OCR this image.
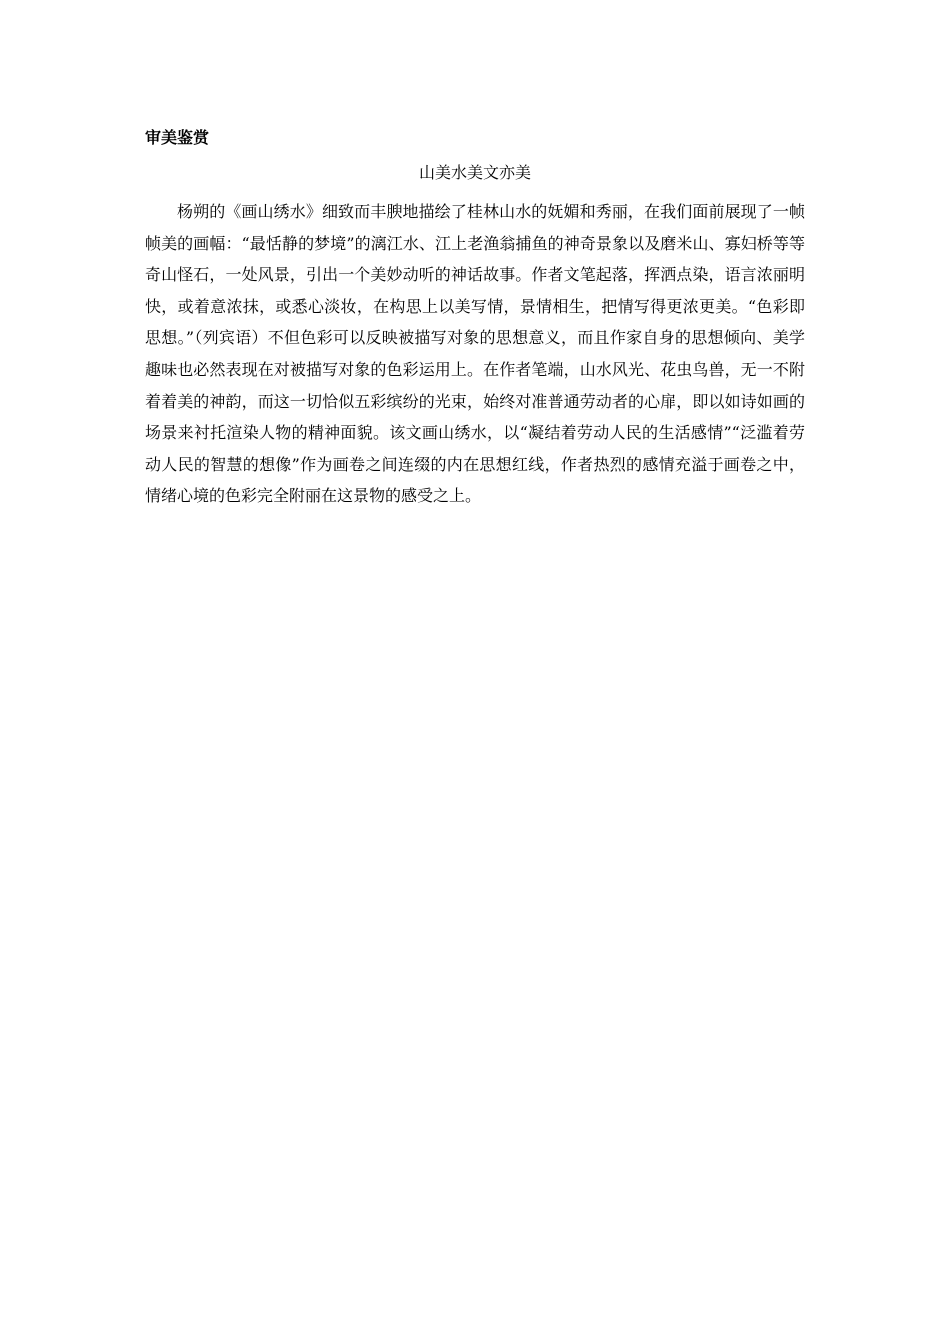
审美鉴赏
山美水美文亦美

杨朔的《画山绣水》细致而丰腴地描绘了桂林山水的妩媚和秀丽，在我们面前展现了一帧帧美的画幅：“最恬静的梦境”的漓江水、江上老渔翁捕鱼的神奇景象以及磨米山、寡妇桥等等奇山怪石，一处风景，引出一个美妙动听的神话故事。作者文笔起落，挥洒点染，语言浓丽明快，或着意浓抹，或悉心淡妆，在构思上以美写情，景情相生，把情写得更浓更美。“色彩即思想。”（列宾语）不但色彩可以反映被描写对象的思想意义，而且作家自身的思想倾向、美学趣味也必然表现在对被描写对象的色彩运用上。在作者笔端，山水风光、花虫鸟兽，无一不附着着美的神韵，而这一切恰似五彩缤纷的光束，始终对准普通劳动者的心扉，即以如诗如画的场景来衬托渲染人物的精神面貌。该文画山绣水，以“凝结着劳动人民的生活感情”“泛滥着劳动人民的智慧的想像”作为画卷之间连缀的内在思想红线，作者热烈的感情充溢于画卷之中，情绪心境的色彩完全附丽在这景物的感受之上。
